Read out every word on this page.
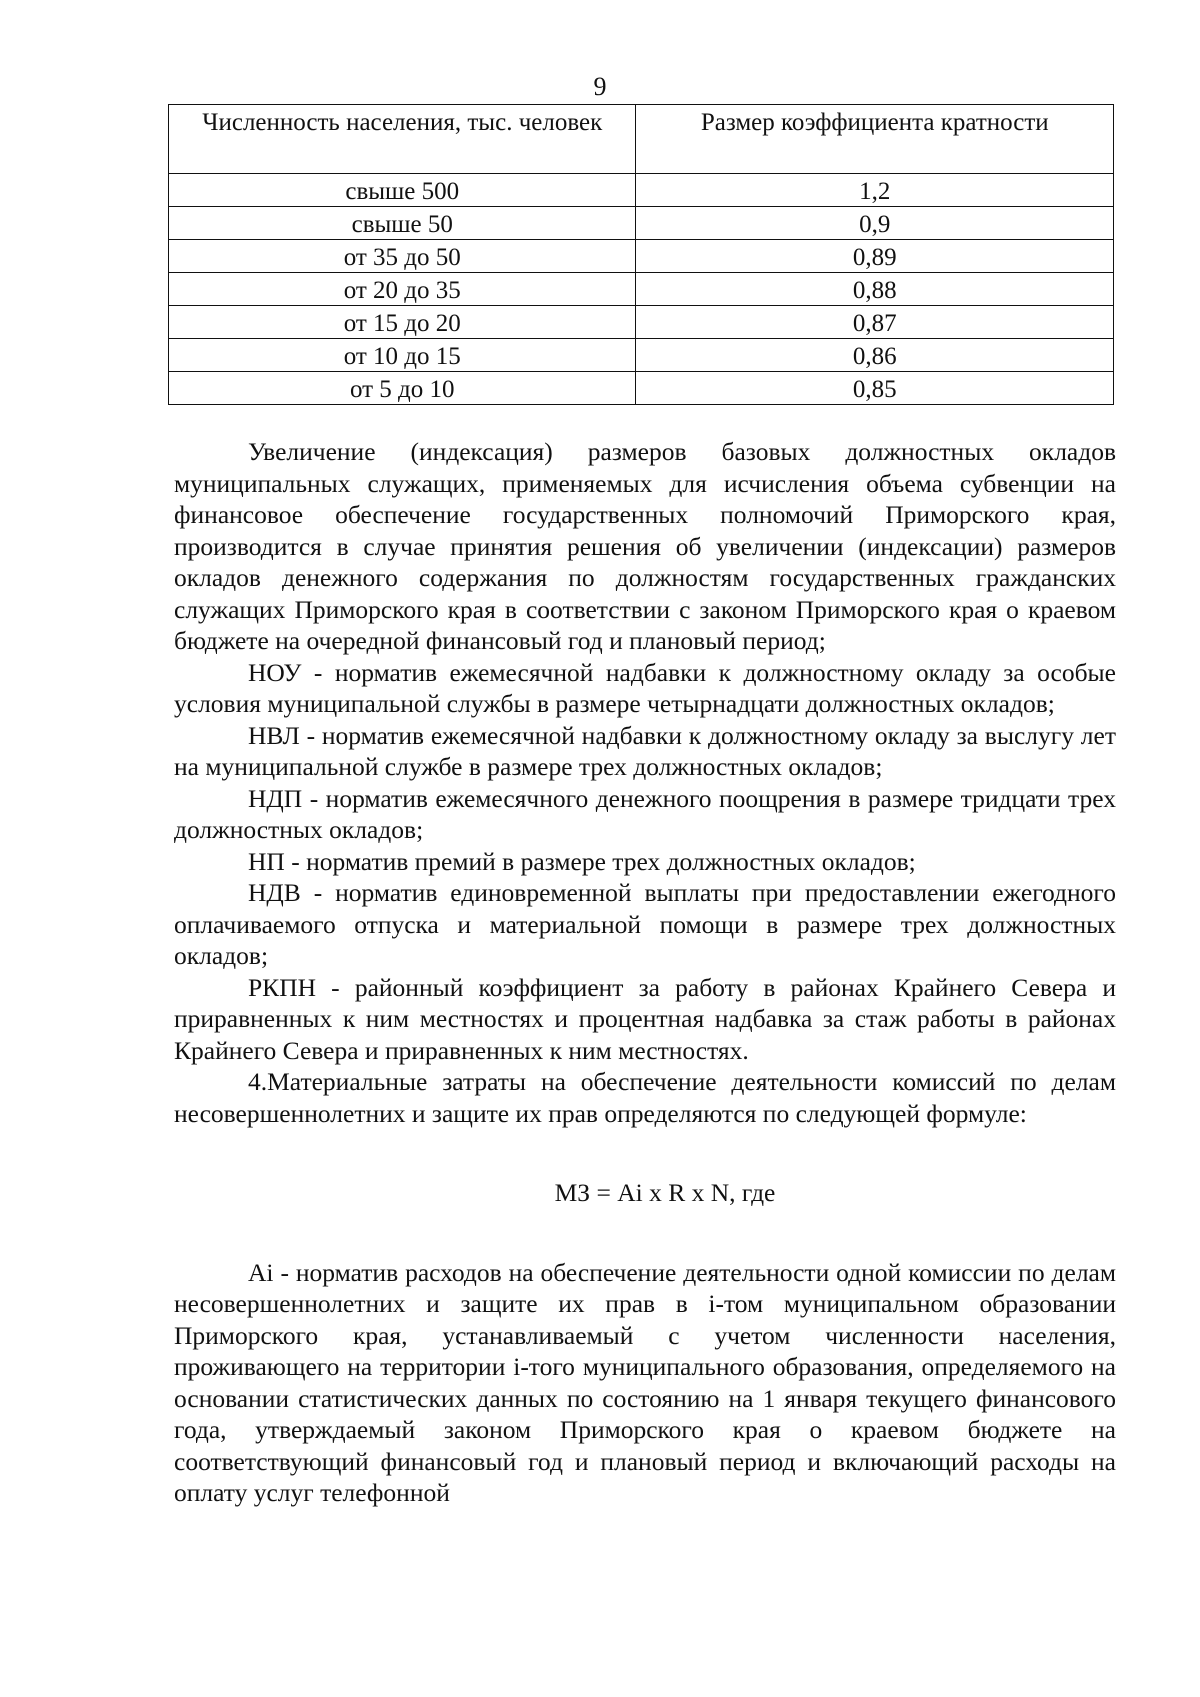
9
Численность населения, тыс. человек	Размер коэффициента кратности
свыше 500	1,2
свыше 50	0,9
от 35 до 50	0,89
от 20 до 35	0,88
от 15 до 20	0,87
от 10 до 15	0,86
от 5 до 10	0,85

Увеличение (индексация) размеров базовых должностных окладов муниципальных служащих, применяемых для исчисления объема субвенции на финансовое обеспечение государственных полномочий Приморского края, производится в случае принятия решения об увеличении (индексации) размеров окладов денежного содержания по должностям государственных гражданских служащих Приморского края в соответствии с законом Приморского края о краевом бюджете на очередной финансовый год и плановый период;

НОУ - норматив ежемесячной надбавки к должностному окладу за особые условия муниципальной службы в размере четырнадцати должностных окладов;

НВЛ - норматив ежемесячной надбавки к должностному окладу за выслугу лет на муниципальной службе в размере трех должностных окладов;

НДП - норматив ежемесячного денежного поощрения в размере тридцати трех должностных окладов;

НП - норматив премий в размере трех должностных окладов;

НДВ - норматив единовременной выплаты при предоставлении ежегодного оплачиваемого отпуска и материальной помощи в размере трех должностных окладов;

РКПН - районный коэффициент за работу в районах Крайнего Севера и приравненных к ним местностях и процентная надбавка за стаж работы в районах Крайнего Севера и приравненных к ним местностях.

4.Материальные затраты на обеспечение деятельности комиссий по делам несовершеннолетних и защите их прав определяются по следующей формуле:

МЗ = Аi x R x N, где

Аi - норматив расходов на обеспечение деятельности одной комиссии по делам несовершеннолетних и защите их прав в i-том муниципальном образовании Приморского края, устанавливаемый с учетом численности населения, проживающего на территории i-того муниципального образования, определяемого на основании статистических данных по состоянию на 1 января текущего финансового года, утверждаемый законом Приморского края о краевом бюджете на соответствующий финансовый год и плановый период и включающий расходы на оплату услуг телефонной
